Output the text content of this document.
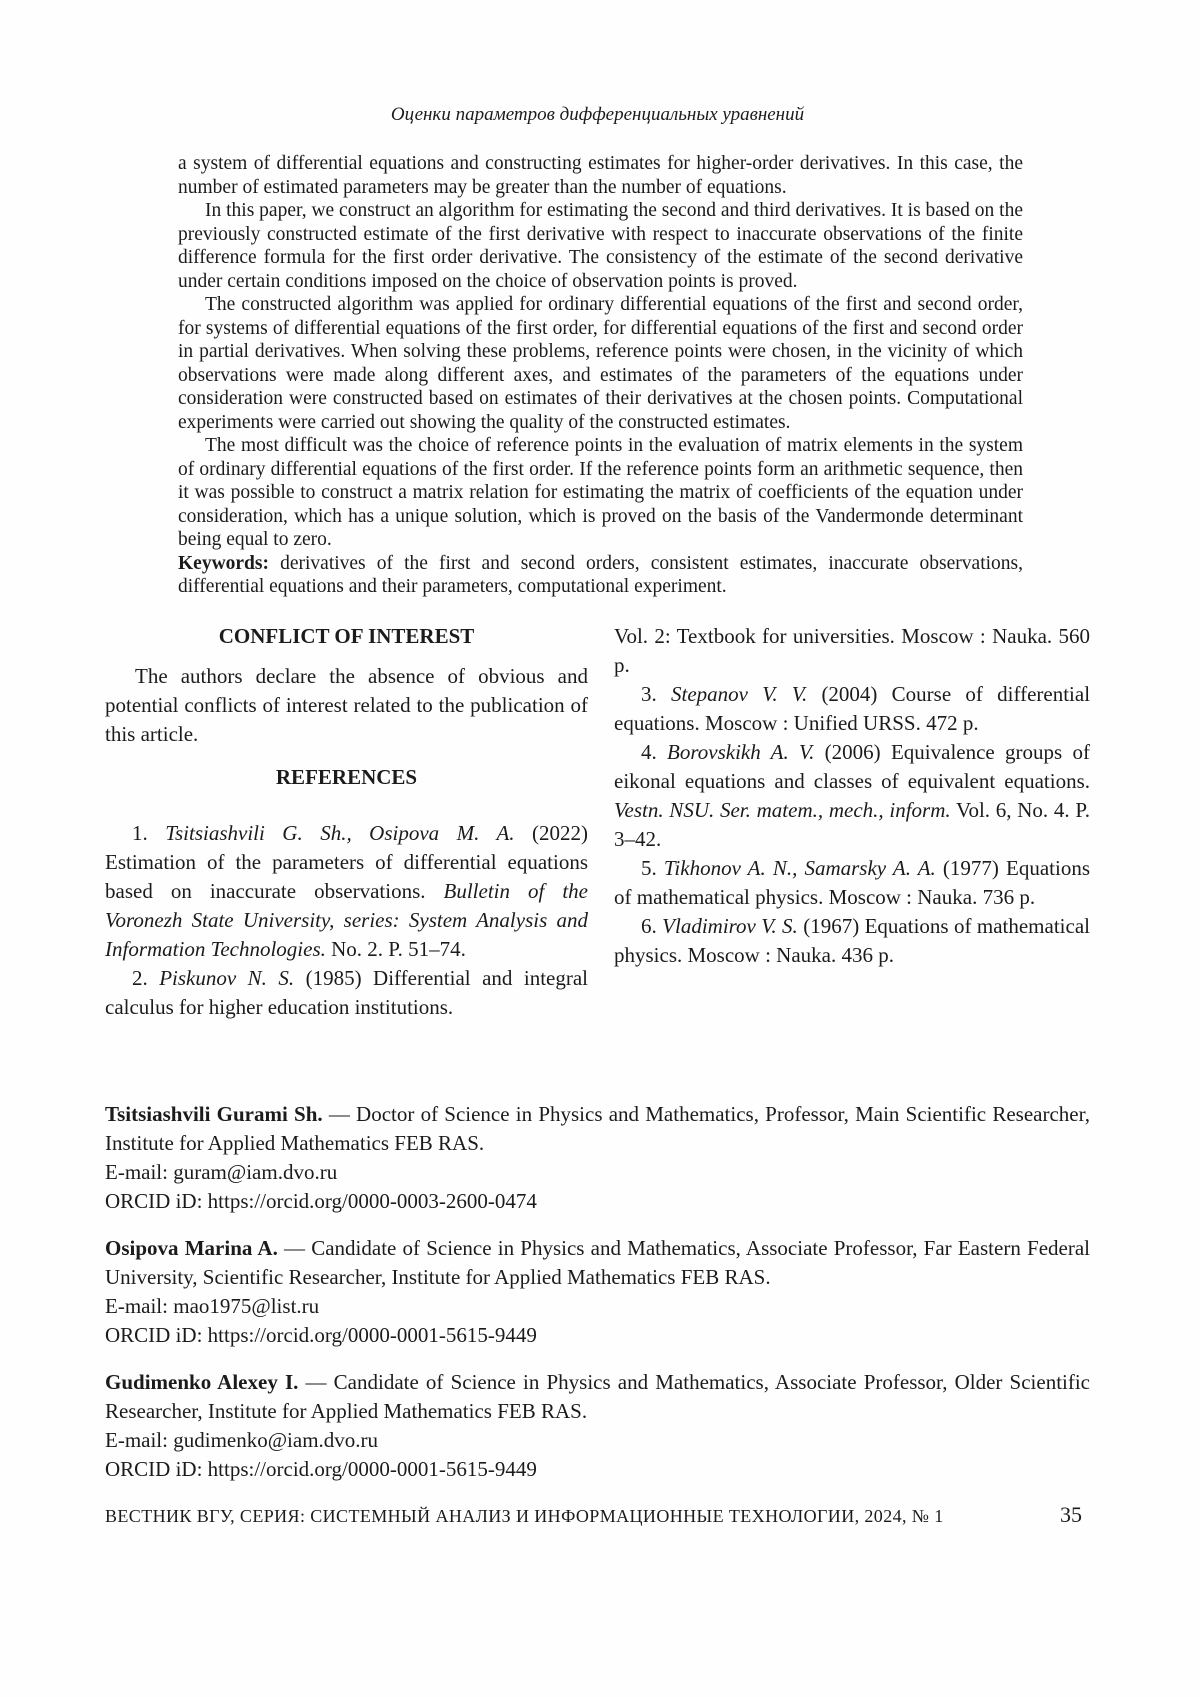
Оценки параметров дифференциальных уравнений

a system of differential equations and constructing estimates for higher-order derivatives. In this case, the number of estimated parameters may be greater than the number of equations.

In this paper, we construct an algorithm for estimating the second and third derivatives. It is based on the previously constructed estimate of the first derivative with respect to inaccurate observations of the finite difference formula for the first order derivative. The consistency of the estimate of the second derivative under certain conditions imposed on the choice of observation points is proved.

The constructed algorithm was applied for ordinary differential equations of the first and second order, for systems of differential equations of the first order, for differential equations of the first and second order in partial derivatives. When solving these problems, reference points were chosen, in the vicinity of which observations were made along different axes, and estimates of the parameters of the equations under consideration were constructed based on estimates of their derivatives at the chosen points. Computational experiments were carried out showing the quality of the constructed estimates.

The most difficult was the choice of reference points in the evaluation of matrix elements in the system of ordinary differential equations of the first order. If the reference points form an arithmetic sequence, then it was possible to construct a matrix relation for estimating the matrix of coefficients of the equation under consideration, which has a unique solution, which is proved on the basis of the Vandermonde determinant being equal to zero.

Keywords: derivatives of the first and second orders, consistent estimates, inaccurate observations, differential equations and their parameters, computational experiment.

CONFLICT OF INTEREST

The authors declare the absence of obvious and potential conflicts of interest related to the publication of this article.

REFERENCES

1. Tsitsiashvili G. Sh., Osipova M. A. (2022) Estimation of the parameters of differential equations based on inaccurate observations. Bulletin of the Voronezh State University, series: System Analysis and Information Technologies. No. 2. P. 51–74.

2. Piskunov N. S. (1985) Differential and integral calculus for higher education institutions.

Vol. 2: Textbook for universities. Moscow : Nauka. 560 p.

3. Stepanov V. V. (2004) Course of differential equations. Moscow : Unified URSS. 472 p.

4. Borovskikh A. V. (2006) Equivalence groups of eikonal equations and classes of equivalent equations. Vestn. NSU. Ser. matem., mech., inform. Vol. 6, No. 4. P. 3–42.

5. Tikhonov A. N., Samarsky A. A. (1977) Equations of mathematical physics. Moscow : Nauka. 736 p.

6. Vladimirov V. S. (1967) Equations of mathematical physics. Moscow : Nauka. 436 p.

Tsitsiashvili Gurami Sh. — Doctor of Science in Physics and Mathematics, Professor, Main Scientific Researcher, Institute for Applied Mathematics FEB RAS.

E-mail: guram@iam.dvo.ru

ORCID iD: https://orcid.org/0000-0003-2600-0474

Osipova Marina A. — Candidate of Science in Physics and Mathematics, Associate Professor, Far Eastern Federal University, Scientific Researcher, Institute for Applied Mathematics FEB RAS.

E-mail: mao1975@list.ru

ORCID iD: https://orcid.org/0000-0001-5615-9449

Gudimenko Alexey I. — Candidate of Science in Physics and Mathematics, Associate Professor, Older Scientific Researcher, Institute for Applied Mathematics FEB RAS.

E-mail: gudimenko@iam.dvo.ru

ORCID iD: https://orcid.org/0000-0001-5615-9449

ВЕСТНИК ВГУ, СЕРИЯ: СИСТЕМНЫЙ АНАЛИЗ И ИНФОРМАЦИОННЫЕ ТЕХНОЛОГИИ, 2024, № 1	35
